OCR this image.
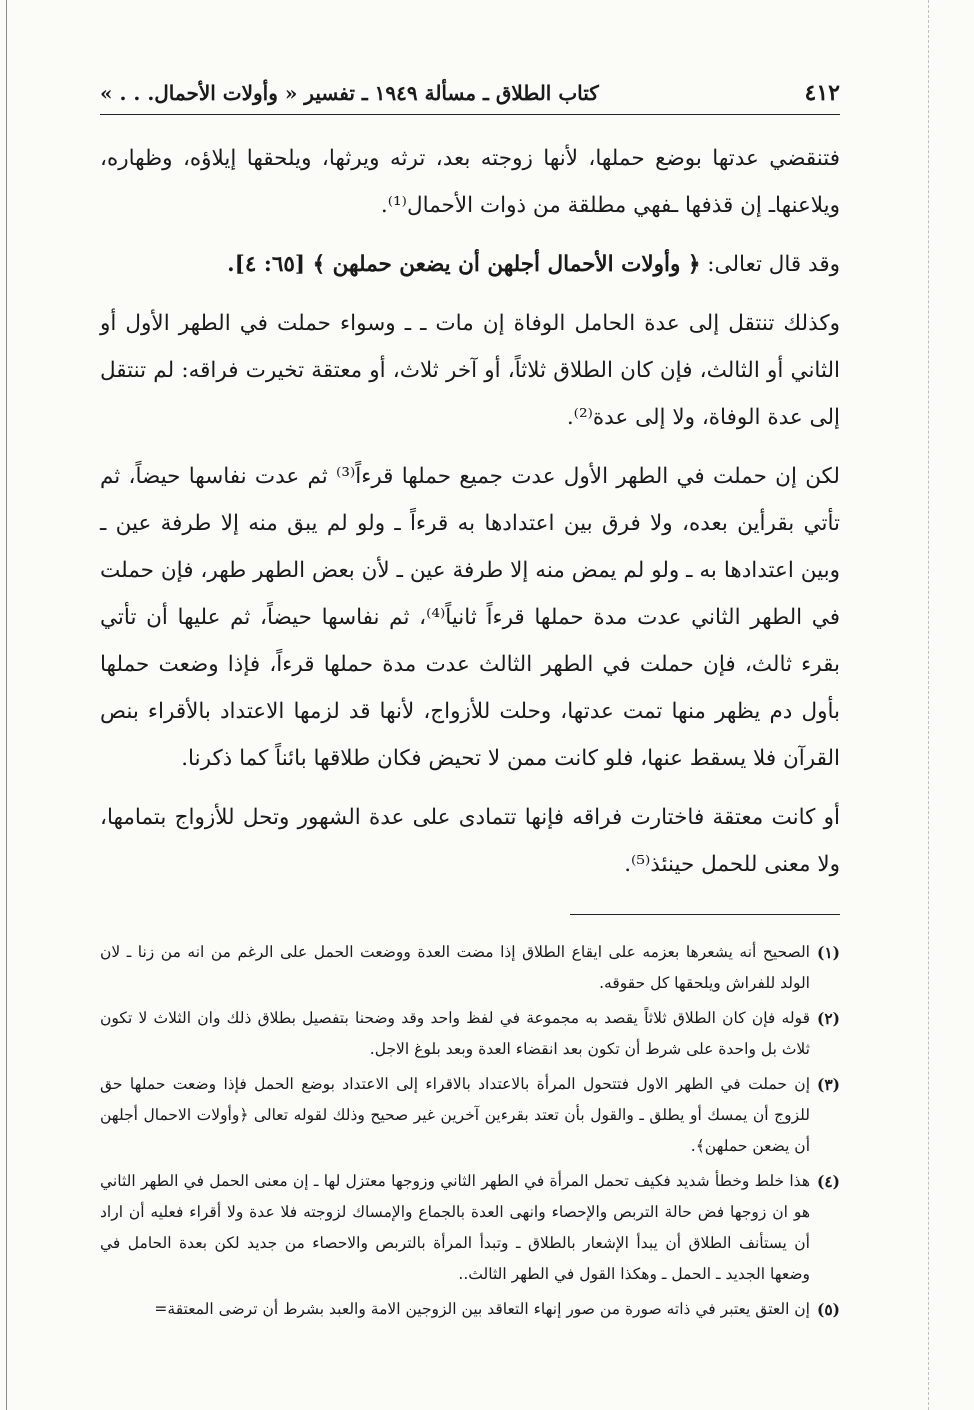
٤١٢
كتاب الطلاق ـ مسألة ١٩٤٩ ـ تفسير « وأولات الأحمال. . . »

فتنقضي عدتها بوضع حملها، لأنها زوجته بعد، ترثه ويرثها، ويلحقها إيلاؤه، وظهاره، ويلاعنهاـ إن قذفها ـفهي مطلقة من ذوات الأحمال⁽¹⁾.

وقد قال تعالى: ﴿ وأولات الأحمال أجلهن أن يضعن حملهن ﴾ [٦٥: ٤].

وكذلك تنتقل إلى عدة الحامل الوفاة إن مات ـ ـ وسواء حملت في الطهر الأول أو الثاني أو الثالث، فإن كان الطلاق ثلاثاً، أو آخر ثلاث، أو معتقة تخيرت فراقه: لم تنتقل إلى عدة الوفاة، ولا إلى عدة⁽²⁾.

لكن إن حملت في الطهر الأول عدت جميع حملها قرءاً⁽³⁾ ثم عدت نفاسها حيضاً، ثم تأتي بقرأين بعده، ولا فرق بين اعتدادها به قرءاً ـ ولو لم يبق منه إلا طرفة عين ـ وبين اعتدادها به ـ ولو لم يمض منه إلا طرفة عين ـ لأن بعض الطهر طهر، فإن حملت في الطهر الثاني عدت مدة حملها قرءاً ثانياً⁽⁴⁾، ثم نفاسها حيضاً، ثم عليها أن تأتي بقرء ثالث، فإن حملت في الطهر الثالث عدت مدة حملها قرءاً، فإذا وضعت حملها بأول دم يظهر منها تمت عدتها، وحلت للأزواج، لأنها قد لزمها الاعتداد بالأقراء بنص القرآن فلا يسقط عنها، فلو كانت ممن لا تحيض فكان طلاقها بائناً كما ذكرنا.

أو كانت معتقة فاختارت فراقه فإنها تتمادى على عدة الشهور وتحل للأزواج بتمامها، ولا معنى للحمل حينئذ⁽⁵⁾.

(١)
الصحيح أنه يشعرها بعزمه على ايقاع الطلاق إذا مضت العدة ووضعت الحمل على الرغم من انه من زنا ـ لان الولد للفراش ويلحقها كل حقوقه.
(٢)
قوله فإن كان الطلاق ثلاثاً يقصد به مجموعة في لفظ واحد وقد وضحنا بتفصيل بطلاق ذلك وان الثلاث لا تكون ثلاث بل واحدة على شرط أن تكون بعد انقضاء العدة وبعد بلوغ الاجل.
(٣)
إن حملت في الطهر الاول فتتحول المرأة بالاعتداد بالاقراء إلى الاعتداد بوضع الحمل فإذا وضعت حملها حق للزوج أن يمسك أو يطلق ـ والقول بأن تعتد بقرءين آخرين غير صحيح وذلك لقوله تعالى ﴿وأولات الاحمال أجلهن أن يضعن حملهن﴾.
(٤)
هذا خلط وخطأ شديد فكيف تحمل المرأة في الطهر الثاني وزوجها معتزل لها ـ إن معنى الحمل في الطهر الثاني هو ان زوجها فض حالة التربص والإحصاء وانهى العدة بالجماع والإمساك لزوجته فلا عدة ولا أقراء فعليه أن اراد أن يستأنف الطلاق أن يبدأ الإشعار بالطلاق ـ وتبدأ المرأة بالتربص والاحصاء من جديد لكن بعدة الحامل في وضعها الجديد ـ الحمل ـ وهكذا القول في الطهر الثالث..
(٥)
إن العتق يعتبر في ذاته صورة من صور إنهاء التعاقد بين الزوجين الامة والعبد بشرط أن ترضى المعتقة=
